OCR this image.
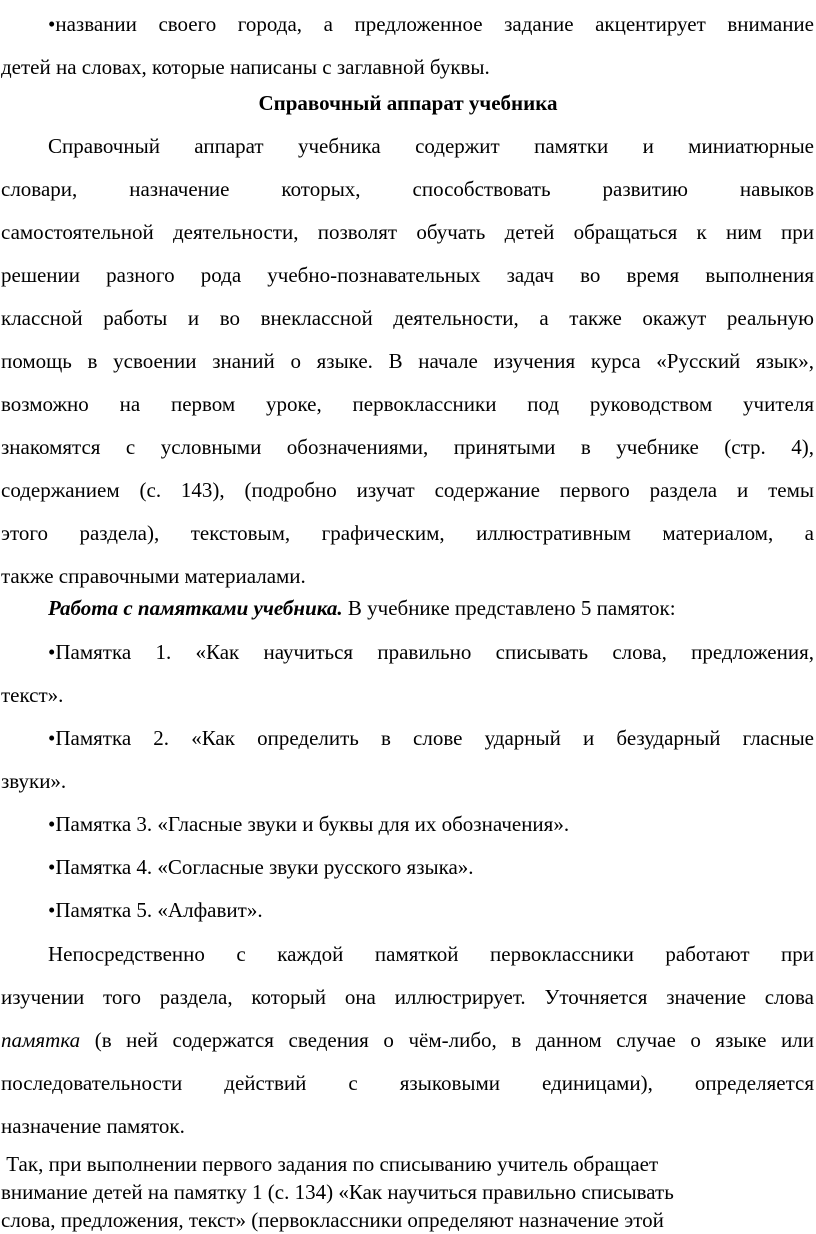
•названии своего города, а предложенное задание акцентирует внимание
детей на словах, которые написаны с заглавной буквы.

Справочный аппарат учебника

Справочный аппарат учебника содержит памятки и миниатюрные
словари, назначение которых, способствовать развитию навыков
самостоятельной деятельности, позволят обучать детей обращаться к ним при
решении разного рода учебно-познавательных задач во время выполнения
классной работы и во внеклассной деятельности, а также окажут реальную
помощь в усвоении знаний о языке. В начале изучения курса «Русский язык»,
возможно на первом уроке, первоклассники под руководством учителя
знакомятся с условными обозначениями, принятыми в учебнике (стр. 4),
содержанием (с. 143), (подробно изучат содержание первого раздела и темы
этого раздела), текстовым, графическим, иллюстративным материалом, а
также справочными материалами.

Работа с памятками учебника. В учебнике представлено 5 памяток:

•Памятка 1. «Как научиться правильно списывать слова, предложения,
текст».
•Памятка 2. «Как определить в слове ударный и безударный гласные
звуки».
•Памятка 3. «Гласные звуки и буквы для их обозначения».
•Памятка 4. «Согласные звуки русского языка».
•Памятка 5. «Алфавит».

Непосредственно с каждой памяткой первоклассники работают при
изучении того раздела, который она иллюстрирует. Уточняется значение слова
памятка (в ней содержатся сведения о чём-либо, в данном случае о языке или
последовательности действий с языковыми единицами), определяется
назначение памяток.

Так, при выполнении первого задания по списыванию учитель обращает
внимание детей на памятку 1 (с. 134) «Как научиться правильно списывать
слова, предложения, текст» (первоклассники определяют назначение этой
